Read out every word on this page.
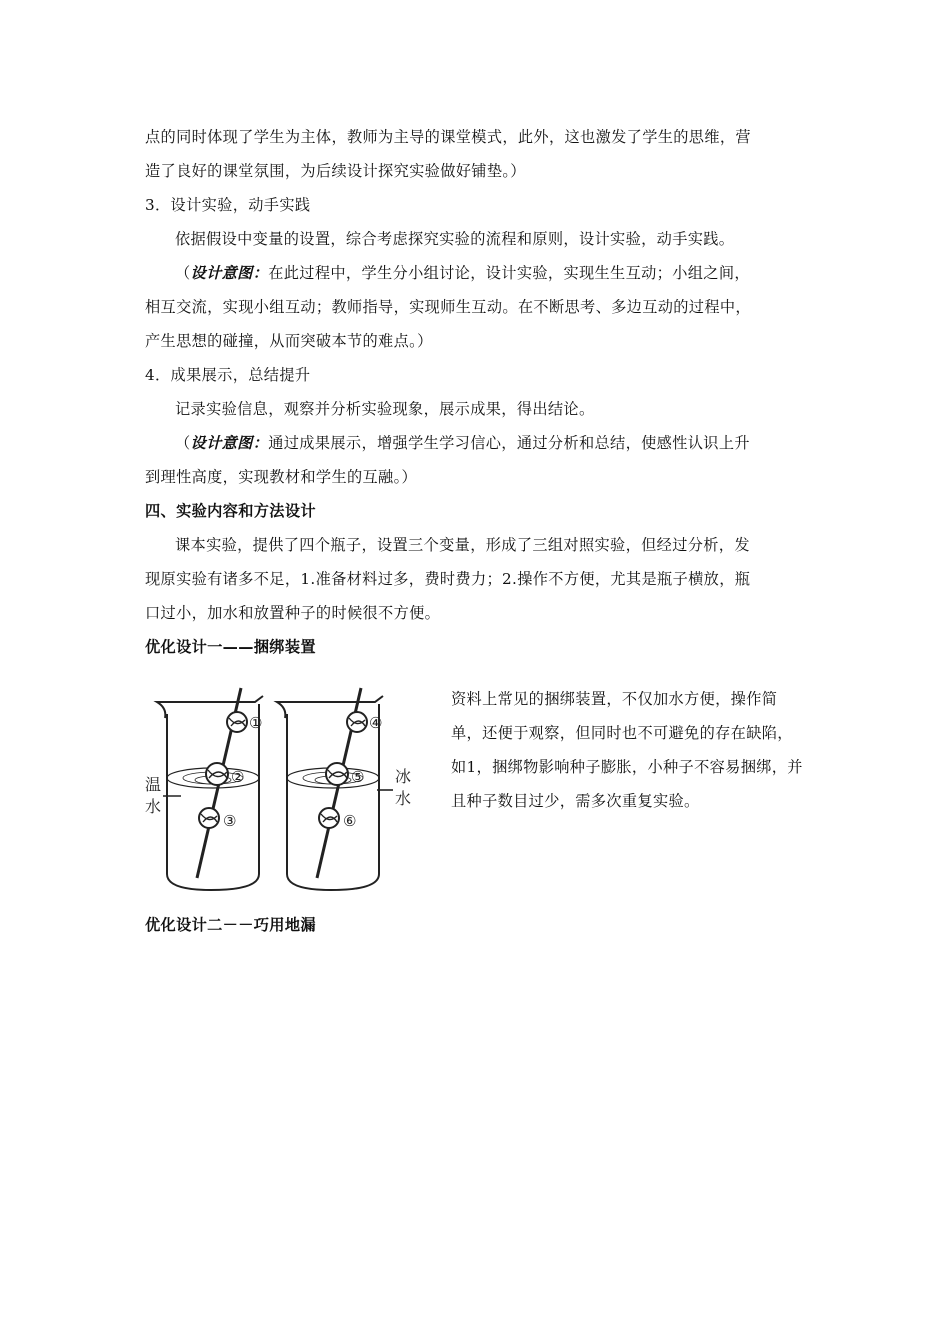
点的同时体现了学生为主体，教师为主导的课堂模式，此外，这也激发了学生的思维，营

造了良好的课堂氛围，为后续设计探究实验做好铺垫。）

3．设计实验，动手实践

依据假设中变量的设置，综合考虑探究实验的流程和原则，设计实验，动手实践。

（设计意图：在此过程中，学生分小组讨论，设计实验，实现生生互动；小组之间，

相互交流，实现小组互动；教师指导，实现师生互动。在不断思考、多边互动的过程中，

产生思想的碰撞，从而突破本节的难点。）

4．成果展示，总结提升

记录实验信息，观察并分析实验现象，展示成果，得出结论。

（设计意图：通过成果展示，增强学生学习信心，通过分析和总结，使感性认识上升

到理性高度，实现教材和学生的互融。）

四、实验内容和方法设计

课本实验，提供了四个瓶子，设置三个变量，形成了三组对照实验，但经过分析，发

现原实验有诸多不足，1.准备材料过多，费时费力；2.操作不方便，尤其是瓶子横放，瓶

口过小，加水和放置种子的时候很不方便。

优化设计一——捆绑装置

①
②
③
④
⑤
⑥
温
水
冰
水

资料上常见的捆绑装置，不仅加水方便，操作简单，还便于观察，但同时也不可避免的存在缺陷，如1，捆绑物影响种子膨胀，小种子不容易捆绑，并且种子数目过少，需多次重复实验。

优化设计二－－巧用地漏
